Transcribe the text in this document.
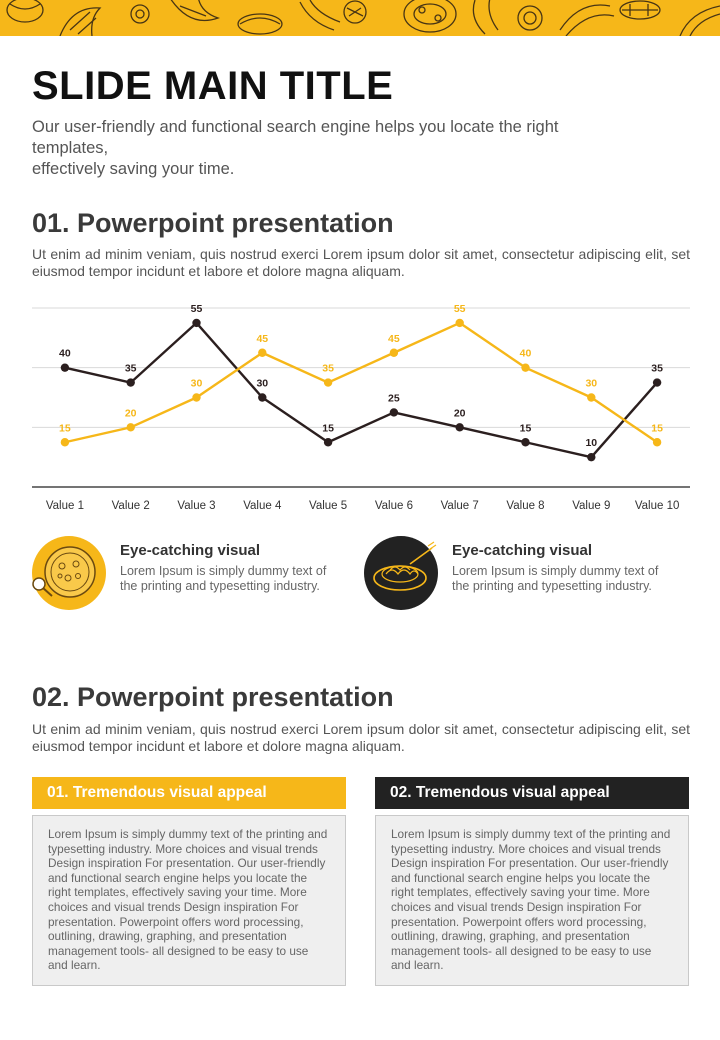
SLIDE MAIN TITLE
Our user-friendly and functional search engine helps you locate the right
templates,
effectively saving your time.
01. Powerpoint presentation
Ut enim ad minim veniam, quis nostrud exerci Lorem ipsum dolor sit amet, consectetur adipiscing elit, set eiusmod tempor incidunt et labore et dolore magna aliquam.
40
35
55
30
15
25
20
15
10
35
15
20
30
45
35
45
55
40
30
15
Value 1 Value 2 Value 3 Value 4 Value 5 Value 6 Value 7 Value 8 Value 9 Value 10
Eye-catching visual
Lorem Ipsum is simply dummy text of the printing and typesetting industry.
Eye-catching visual
Lorem Ipsum is simply dummy text of the printing and typesetting industry.
02. Powerpoint presentation
Ut enim ad minim veniam, quis nostrud exerci Lorem ipsum dolor sit amet, consectetur adipiscing elit, set eiusmod tempor incidunt et labore et dolore magna aliquam.
01. Tremendous visual appeal
Lorem Ipsum is simply dummy text of the printing and typesetting industry. More choices and visual trends Design inspiration For presentation. Our user-friendly and functional search engine helps you locate the right templates, effectively saving your time. More choices and visual trends Design inspiration For presentation. Powerpoint offers word processing, outlining, drawing, graphing, and presentation management tools- all designed to be easy to use and learn.
02. Tremendous visual appeal
Lorem Ipsum is simply dummy text of the printing and typesetting industry. More choices and visual trends Design inspiration For presentation. Our user-friendly and functional search engine helps you locate the right templates, effectively saving your time. More choices and visual trends Design inspiration For presentation. Powerpoint offers word processing, outlining, drawing, graphing, and presentation management tools- all designed to be easy to use and learn.
